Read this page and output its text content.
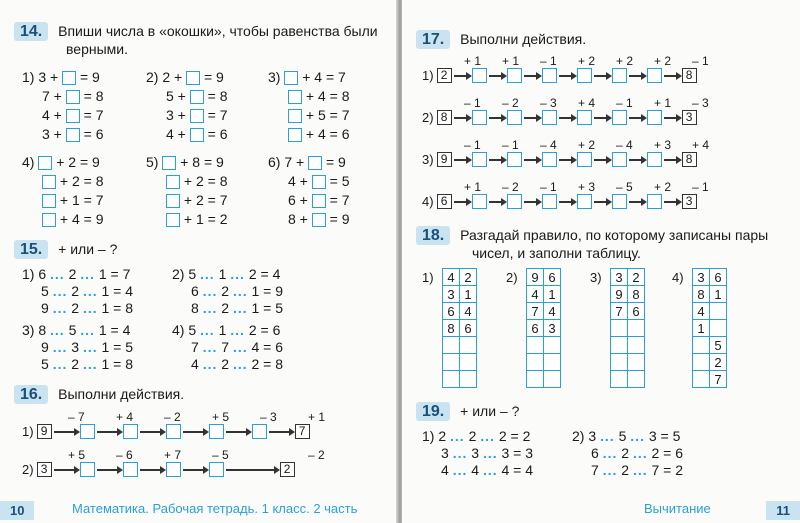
14. Впиши числа в «окошки», чтобы равенства были
верными.
1) 3 + = 9
7 + = 8
4 + = 7
3 + = 6
2) 2 + = 9
5 + = 8
3 + = 7
4 + = 6
3) + 4 = 7
+ 4 = 8
+ 5 = 7
+ 4 = 6
4) + 2 = 9
+ 2 = 8
+ 1 = 7
+ 4 = 9
5) + 8 = 9
+ 2 = 8
+ 2 = 7
+ 1 = 2
6) 7 + = 9
4 + = 5
6 + = 7
8 + = 9
15. + или – ?
1) 6 ... 2 ... 1 = 7
5 ... 2 ... 1 = 4
9 ... 2 ... 1 = 8
2) 5 ... 1 ... 2 = 4
6 ... 2 ... 1 = 9
8 ... 2 ... 1 = 5
3) 8 ... 5 ... 1 = 4
9 ... 3 ... 1 = 5
5 ... 2 ... 1 = 8
4) 5 ... 1 ... 2 = 6
7 ... 7 ... 4 = 6
4 ... 2 ... 2 = 8
16. Выполни действия.
– 7	+ 4	– 2	+ 5	– 3	+ 1
1) 9	7
+ 5	– 6	+ 7	– 5	– 2
2) 3	2
10	Математика. Рабочая тетрадь. 1 класс. 2 часть
17. Выполни действия.
+ 1 + 1 – 1 + 2 + 2 + 2 – 1
1) 2	8
– 1 – 2 – 3 + 4 – 1 + 1 – 3
2) 8	3
– 1 – 1 – 4 + 2 – 4 + 3 + 4
3) 9	8
+ 1 – 2 – 1 + 3 – 5 + 2 – 1
4) 6	3
18. Разгадай правило, по которому записаны пары
чисел, и заполни таблицу.
1) 4	2
3	1
6	4
8	6

2) 9	6
4	1
7	4
6	3

3) 3	2
9	8
7	6

4) 3	6
8	1
4	
1	
	5
	2
	7
19. + или – ?
1) 2 ... 2 ... 2 = 2
3 ... 3 ... 3 = 3
4 ... 4 ... 4 = 4
2) 3 ... 5 ... 3 = 5
6 ... 2 ... 2 = 6
7 ... 2 ... 7 = 2
Вычитание	11
